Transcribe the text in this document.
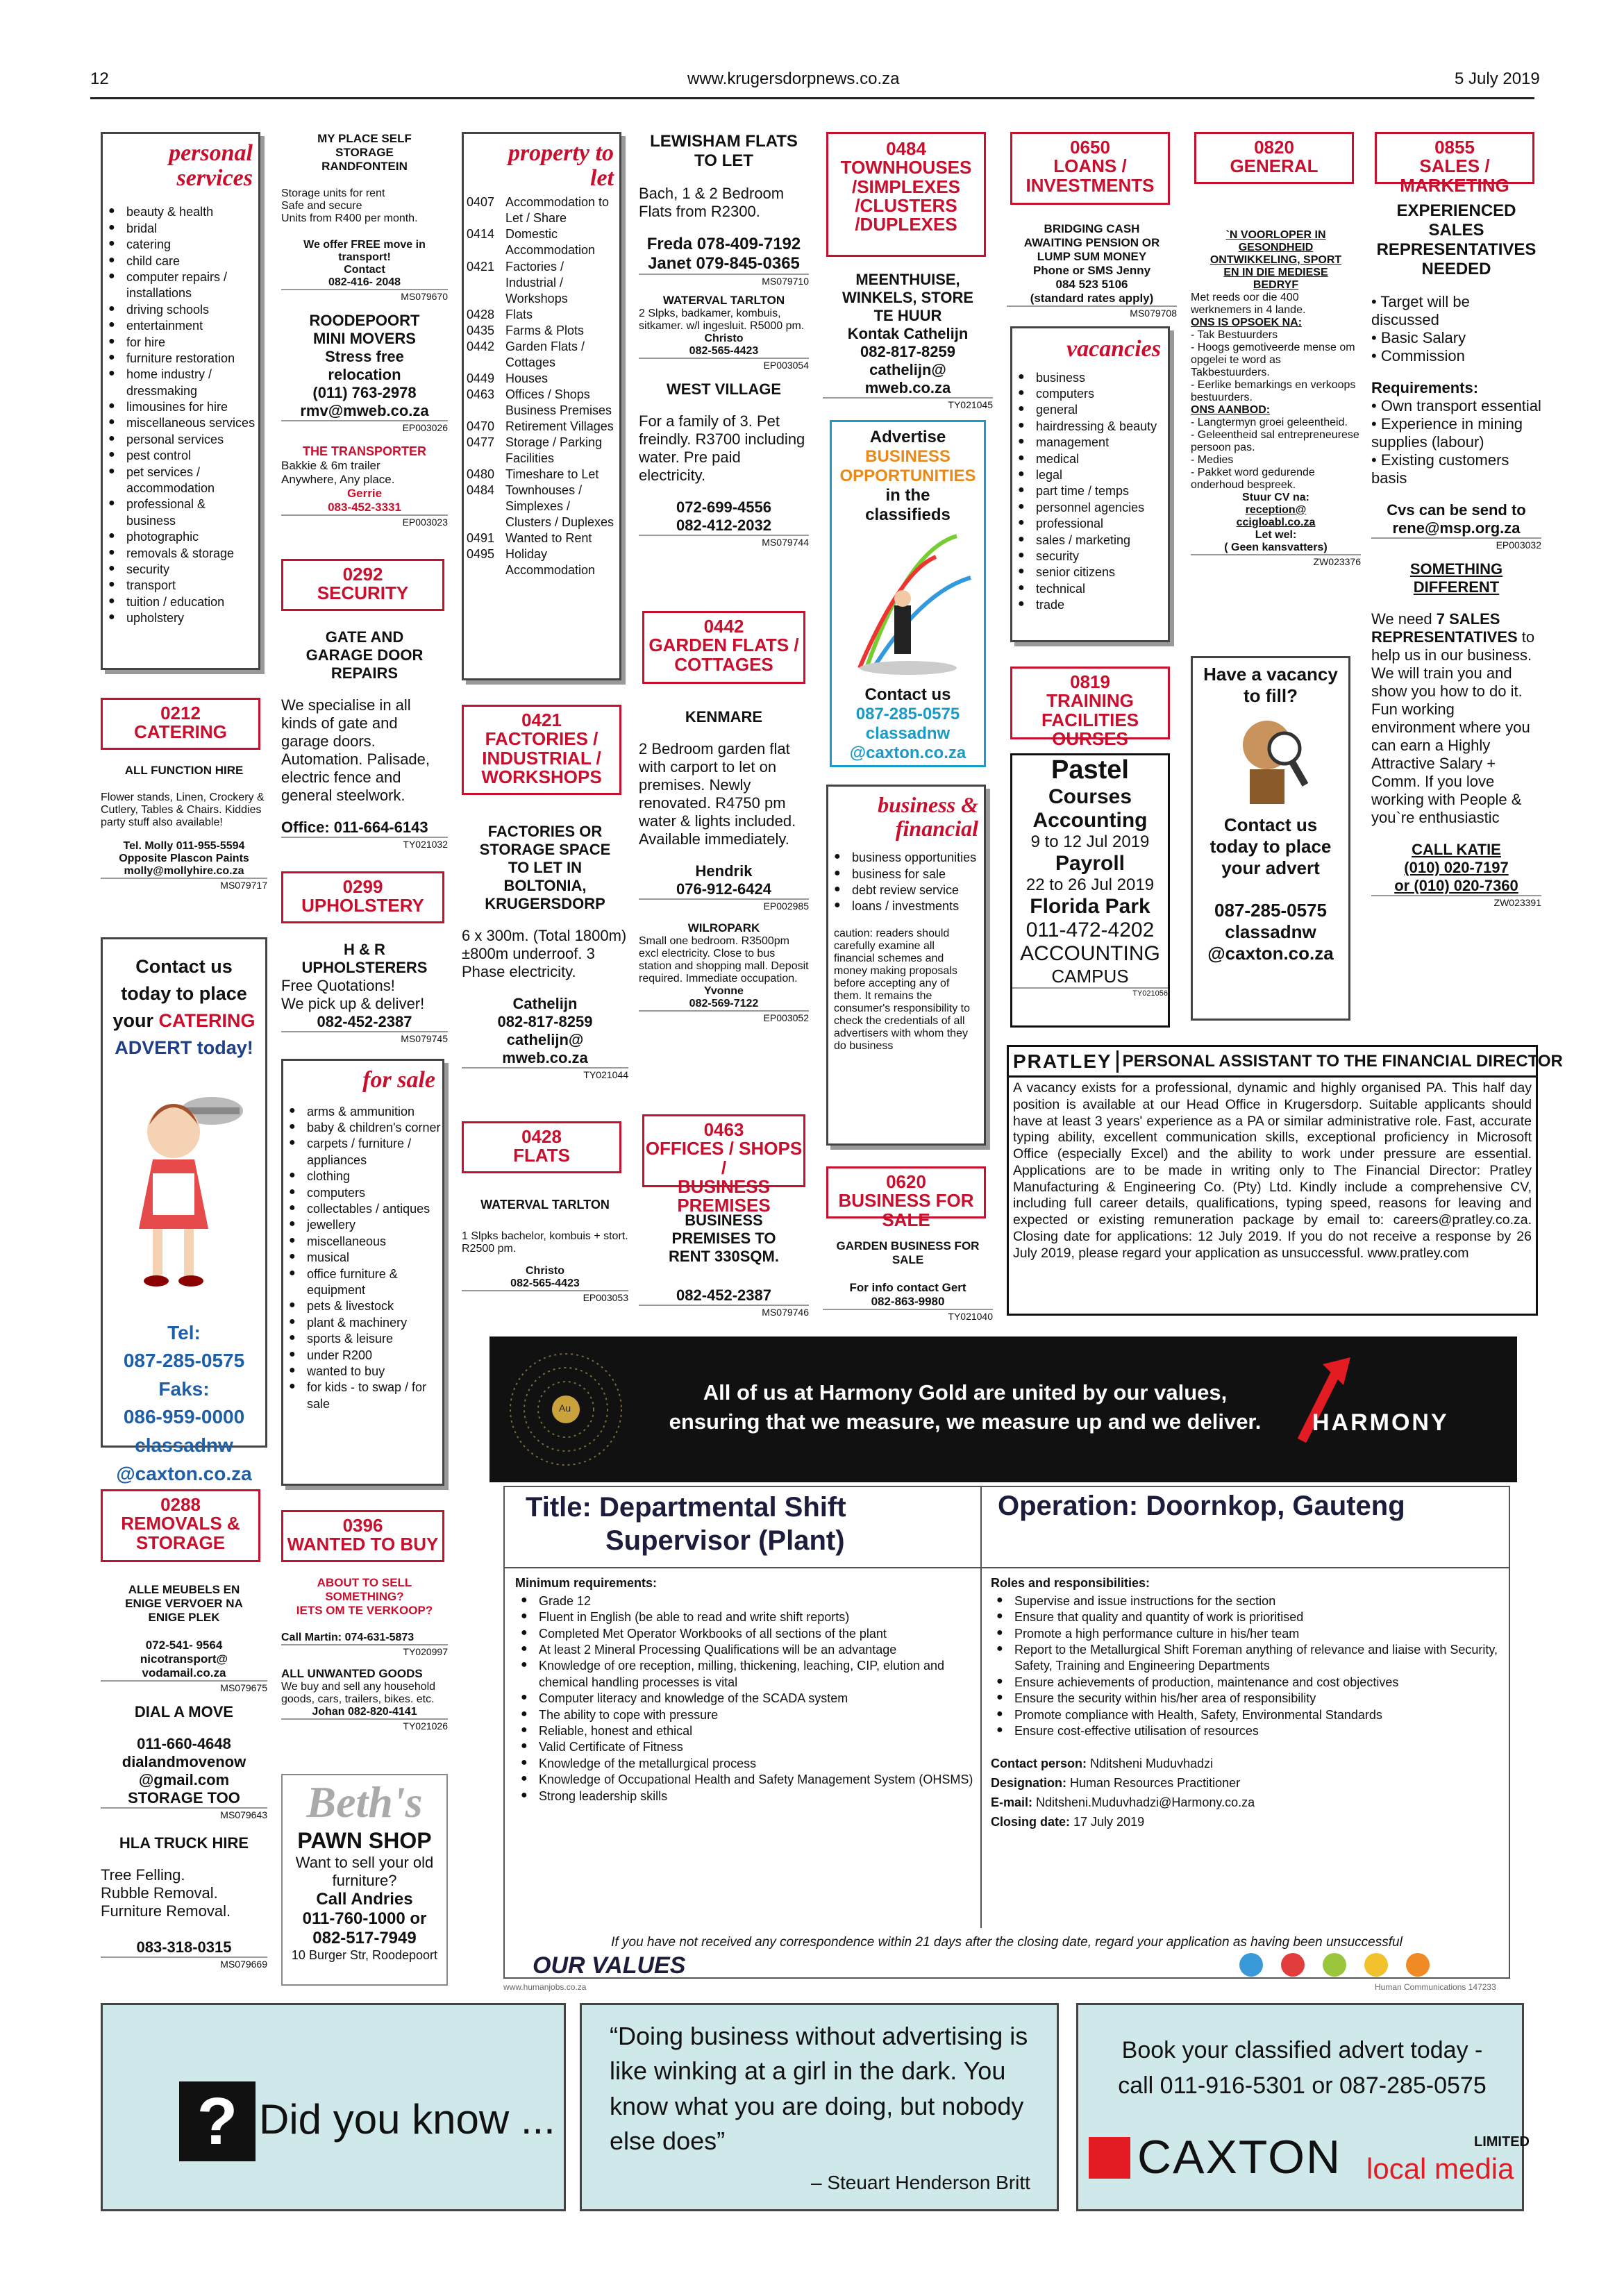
12	www.krugersdorpnews.co.za	5 July 2019
personal
services
● beauty & health
● bridal
● catering
● child care
● computer repairs / installations
● driving schools
● entertainment
● for hire
● furniture restoration
● home industry / dressmaking
● limousines for hire
● miscellaneous services
● personal services
● pest control
● pet services / accommodation
● professional & business
● photographic
● removals & storage
● security
● transport
● tuition / education
● upholstery
0212
CATERING
ALL FUNCTION HIRE
Flower stands, Linen, Crockery & Cutlery, Tables & Chairs. Kiddies party stuff also available!
Tel. Molly 011-955-5594
Opposite Plascon Paints
molly@mollyhire.co.za
MS079717
Contact us
today to place
your CATERING
ADVERT today!
Tel:
087-285-0575
Faks:
086-959-0000
classadnw
@caxton.co.za
0288
REMOVALS &
STORAGE
ALLE MEUBELS EN
ENIGE VERVOER NA
ENIGE PLEK
072-541- 9564
nicotransport@
vodamail.co.za
MS079675
DIAL A MOVE
011-660-4648
dialandmovenow
@gmail.com
STORAGE TOO
MS079643
HLA TRUCK HIRE
Tree Felling.
Rubble Removal.
Furniture Removal.
083-318-0315
MS079669
MY PLACE SELF
STORAGE
RANDFONTEIN
Storage units for rent
Safe and secure
Units from R400 per month.
We offer FREE move in
transport!
Contact
082-416- 2048
MS079670
ROODEPOORT
MINI MOVERS
Stress free
relocation
(011) 763-2978
rmv@mweb.co.za
EP003026
THE TRANSPORTER
Bakkie & 6m trailer
Anywhere, Any place.
Gerrie
083-452-3331
EP003023
0292
SECURITY
GATE AND
GARAGE DOOR
REPAIRS
We specialise in all kinds of gate and garage doors. Automation. Palisade, electric fence and general steelwork.
Office: 011-664-6143
TY021032
0299
UPHOLSTERY
H & R
UPHOLSTERERS
Free Quotations!
We pick up & deliver!
082-452-2387
MS079745
for sale
● arms & ammunition
● baby & children's corner
● carpets / furniture / appliances
● clothing
● computers
● collectables / antiques
● jewellery
● miscellaneous
● musical
● office furniture & equipment
● pets & livestock
● plant & machinery
● sports & leisure
● under R200
● wanted to buy
● for kids - to swap / for sale
0396
WANTED TO BUY
ABOUT TO SELL
SOMETHING?
IETS OM TE VERKOOP?
Call Martin: 074-631-5873
TY020997
ALL UNWANTED GOODS
We buy and sell any household goods, cars, trailers, bikes. etc.
Johan 082-820-4141
TY021026
Beth's
PAWN SHOP
Want to sell your old
furniture?
Call Andries
011-760-1000 or
082-517-7949
10 Burger Str, Roodepoort
property to
let
0407 Accommodation to Let / Share
0414 Domestic Accommodation
0421 Factories / Industrial / Workshops
0428 Flats
0435 Farms & Plots
0442 Garden Flats / Cottages
0449 Houses
0463 Offices / Shops Business Premises
0470 Retirement Villages
0477 Storage / Parking Facilities
0480 Timeshare to Let
0484 Townhouses / Simplexes / Clusters / Duplexes
0491 Wanted to Rent
0495 Holiday Accommodation
0421
FACTORIES /
INDUSTRIAL /
WORKSHOPS
FACTORIES OR
STORAGE SPACE
TO LET IN
BOLTONIA,
KRUGERSDORP
6 x 300m. (Total 1800m) ±800m underroof. 3 Phase electricity.
Cathelijn
082-817-8259
cathelijn@
mweb.co.za
TY021044
0428
FLATS
WATERVAL TARLTON
1 Slpks bachelor, kombuis + stort. R2500 pm.
Christo
082-565-4423
EP003053
LEWISHAM FLATS
TO LET
Bach, 1 & 2 Bedroom
Flats from R2300.
Freda 078-409-7192
Janet 079-845-0365
MS079710
WATERVAL TARLTON
2 Slpks, badkamer, kombuis, sitkamer. w/l ingesluit. R5000 pm.
Christo
082-565-4423
EP003054
WEST VILLAGE
For a family of 3. Pet freindly. R3700 including water. Pre paid electricity.
072-699-4556
082-412-2032
MS079744
0442
GARDEN FLATS /
COTTAGES
KENMARE
2 Bedroom garden flat with carport to let on premises. Newly renovated. R4750 pm water & lights included. Available immediately.
Hendrik
076-912-6424
EP002985
WILROPARK
Small one bedroom. R3500pm excl electricity. Close to bus station and shopping mall. Deposit required. Immediate occupation.
Yvonne
082-569-7122
EP003052
0463
OFFICES / SHOPS /
BUSINESS PREMISES
BUSINESS
PREMISES TO
RENT 330SQM.
082-452-2387
MS079746
0484
TOWNHOUSES
/SIMPLEXES
/CLUSTERS
/DUPLEXES
MEENTHUISE,
WINKELS, STORE
TE HUUR
Kontak Cathelijn
082-817-8259
cathelijn@
mweb.co.za
TY021045
Advertise
BUSINESS
OPPORTUNITIES
in the
classifieds
Contact us
087-285-0575
classadnw
@caxton.co.za
business &
financial
● business opportunities
● business for sale
● debt review service
● loans / investments
caution: readers should carefully examine all financial schemes and money making proposals before accepting any of them. It remains the consumer's responsibility to check the credentials of all advertisers with whom they do business
0620
BUSINESS FOR SALE
GARDEN BUSINESS FOR
SALE
For info contact Gert
082-863-9980
TY021040
0650
LOANS /
INVESTMENTS
BRIDGING CASH
AWAITING PENSION OR
LUMP SUM MONEY
Phone or SMS Jenny
084 523 5106
(standard rates apply)
MS079708
vacancies
● business
● computers
● general
● hairdressing & beauty
● management
● medical
● legal
● part time / temps
● personnel agencies
● professional
● sales / marketing
● security
● senior citizens
● technical
● trade
0819
TRAINING FACILITIES
OURSES
Pastel
Courses
Accounting
9 to 12 Jul 2019
Payroll
22 to 26 Jul 2019
Florida Park
011-472-4202
ACCOUNTING
CAMPUS
TY021056
0820
GENERAL
`N VOORLOPER IN
GESONDHEID
ONTWIKKELING, SPORT
EN IN DIE MEDIESE
BEDRYF
Met reeds oor die 400 werknemers in 4 lande.
ONS IS OPSOEK NA:
- Tak Bestuurders
- Hoogs gemotiveerde mense om opgelei te word as Takbestuurders.
- Eerlike bemarkings en verkoops bestuurders.
ONS AANBOD:
- Langtermyn groei geleentheid.
- Geleentheid sal entrepreneurese persoon pas.
- Medies
- Pakket word gedurende onderhoud bespreek.
Stuur CV na:
reception@
ccigloabl.co.za
Let wel:
( Geen kansvatters)
ZW023376
Have a vacancy
to fill?
Contact us
today to place
your advert
087-285-0575
classadnw
@caxton.co.za
0855
SALES / MARKETING
EXPERIENCED
SALES
REPRESENTATIVES
NEEDED
• Target will be discussed
• Basic Salary
• Commission
Requirements:
• Own transport essential
• Experience in mining supplies (labour)
• Existing customers basis
Cvs can be send to
rene@msp.org.za
EP003032
SOMETHING
DIFFERENT
We need 7 SALES REPRESENTATIVES to help us in our business. We will train you and show you how to do it. Fun working environment where you can earn a Highly Attractive Salary + Comm. If you love working with People & you`re enthusiastic
CALL KATIE
(010) 020-7197
or (010) 020-7360
ZW023391
PRATLEY PERSONAL ASSISTANT TO THE FINANCIAL DIRECTOR
A vacancy exists for a professional, dynamic and highly organised PA. This half day position is available at our Head Office in Krugersdorp. Suitable applicants should have at least 3 years' experience as a PA or similar administrative role. Fast, accurate typing ability, excellent communication skills, exceptional proficiency in Microsoft Office (especially Excel) and the ability to work under pressure are essential. Applications are to be made in writing only to The Financial Director: Pratley Manufacturing & Engineering Co. (Pty) Ltd. Kindly include a comprehensive CV, including full career details, qualifications, typing speed, reasons for leaving and expected or existing remuneration package by email to: careers@pratley.co.za. Closing date for applications: 12 July 2019. If you do not receive a response by 26 July 2019, please regard your application as unsuccessful. www.pratley.com
Au
All of us at Harmony Gold are united by our values,
ensuring that we measure, we measure up and we deliver.	HARMONY
Title: Departmental Shift
Supervisor (Plant)
Operation: Doornkop, Gauteng
Minimum requirements:
● Grade 12
● Fluent in English (be able to read and write shift reports)
● Completed Met Operator Workbooks of all sections of the plant
● At least 2 Mineral Processing Qualifications will be an advantage
● Knowledge of ore reception, milling, thickening, leaching, CIP, elution and chemical handling processes is vital
● Computer literacy and knowledge of the SCADA system
● The ability to cope with pressure
● Reliable, honest and ethical
● Valid Certificate of Fitness
● Knowledge of the metallurgical process
● Knowledge of Occupational Health and Safety Management System (OHSMS)
● Strong leadership skills
Roles and responsibilities:
● Supervise and issue instructions for the section
● Ensure that quality and quantity of work is prioritised
● Promote a high performance culture in his/her team
● Report to the Metallurgical Shift Foreman anything of relevance and liaise with Security, Safety, Training and Engineering Departments
● Ensure achievements of production, maintenance and cost objectives
● Ensure the security within his/her area of responsibility
● Promote compliance with Health, Safety, Environmental Standards
● Ensure cost-effective utilisation of resources
Contact person: Nditsheni Muduvhadzi
Designation: Human Resources Practitioner
E-mail: Nditsheni.Muduvhadzi@Harmony.co.za
Closing date: 17 July 2019
If you have not received any correspondence within 21 days after the closing date, regard your application as having been unsuccessful
OUR VALUES
www.humanjobs.co.za	Human Communications 147233
? Did you know ...
“Doing business without advertising is like winking at a girl in the dark. You know what you are doing, but nobody else does”
– Steuart Henderson Britt
Book your classified advert today -
call 011-916-5301 or 087-285-0575
CAXTON	LIMITED
local media
